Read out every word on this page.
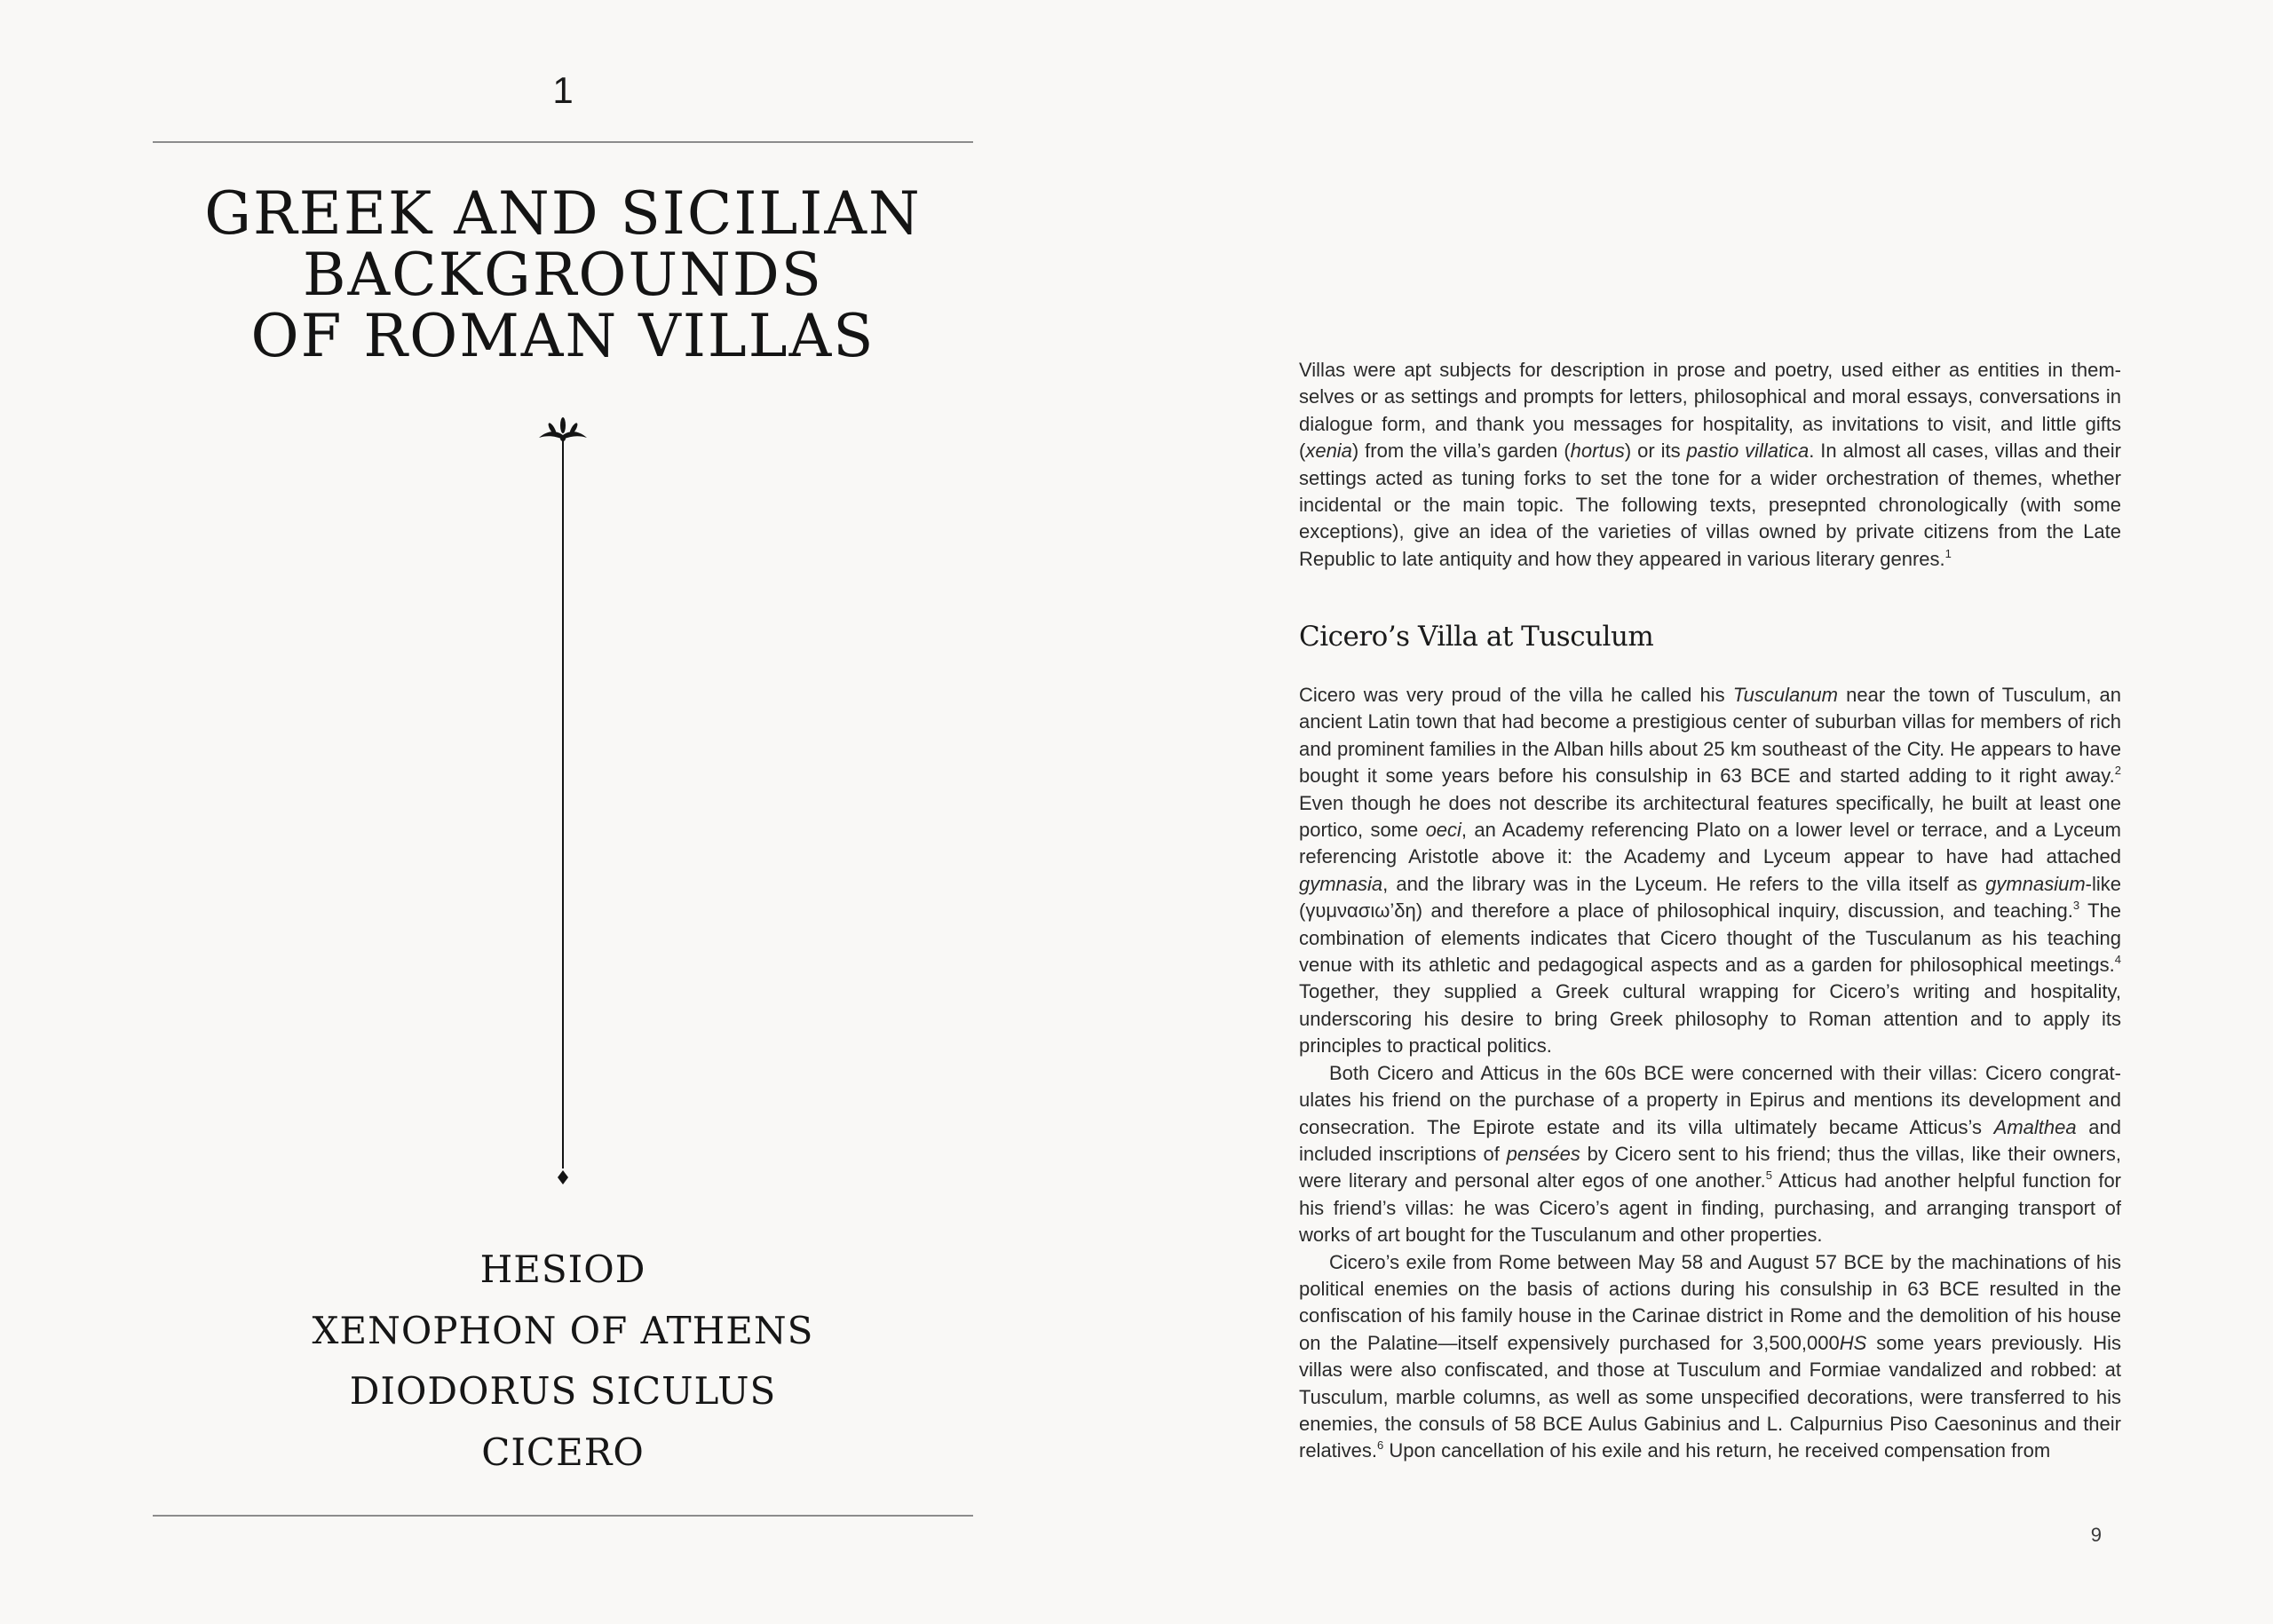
1
GREEK AND SICILIAN
BACKGROUNDS
OF ROMAN VILLAS
HESIOD
XENOPHON OF ATHENS
DIODORUS SICULUS
CICERO

Villas were apt subjects for description in prose and poetry, used either as entities in themselves or as settings and prompts for letters, philosophical and moral essays, conversations in dialogue form, and thank you messages for hospitality, as invitations to visit, and little gifts (xenia) from the villa’s garden (hortus) or its pastio villatica. In almost all cases, villas and their settings acted as tuning forks to set the tone for a wider orchestration of themes, whether incidental or the main topic. The following texts, presepnted chronologically (with some exceptions), give an idea of the varieties of villas owned by private citizens from the Late Republic to late antiquity and how they appeared in various literary genres.$^1$

Cicero’s Villa at Tusculum

Cicero was very proud of the villa he called his Tusculanum near the town of Tusculum, an ancient Latin town that had become a prestigious center of suburban villas for members of rich and prominent families in the Alban hills about 25 km southeast of the City. He appears to have bought it some years before his consulship in 63 BCE and started adding to it right away.$^2$ Even though he does not describe its architectural features specifically, he built at least one portico, some oeci, an Academy referencing Plato on a lower level or terrace, and a Lyceum referencing Aristotle above it: the Academy and Lyceum appear to have had attached gymnasia, and the library was in the Lyceum. He refers to the villa itself as gymnasium-like (γυμνασιω’δη) and therefore a place of philosophical inquiry, discussion, and teaching.$^3$ The combination of elements indicates that Cicero thought of the Tusculanum as his teaching venue with its athletic and pedagogical aspects and as a garden for philosophical meetings.$^4$ Together, they supplied a Greek cultural wrapping for Cicero’s writing and hospitality, underscoring his desire to bring Greek philosophy to Roman attention and to apply its principles to practical politics.

Both Cicero and Atticus in the 60s BCE were concerned with their villas: Cicero congratulates his friend on the purchase of a property in Epirus and mentions its development and consecration. The Epirote estate and its villa ultimately became Atticus’s Amalthea and included inscriptions of pensées by Cicero sent to his friend; thus the villas, like their owners, were literary and personal alter egos of one another.$^5$ Atticus had another helpful function for his friend’s villas: he was Cicero’s agent in finding, purchasing, and arranging transport of works of art bought for the Tusculanum and other properties.

Cicero’s exile from Rome between May 58 and August 57 BCE by the machinations of his political enemies on the basis of actions during his consulship in 63 BCE resulted in the confiscation of his family house in the Carinae district in Rome and the demolition of his house on the Palatine—itself expensively purchased for 3,500,000HS some years previously. His villas were also confiscated, and those at Tusculum and Formiae vandalized and robbed: at Tusculum, marble columns, as well as some unspecified decorations, were transferred to his enemies, the consuls of 58 BCE Aulus Gabinius and L. Calpurnius Piso Caesoninus and their relatives.$^6$ Upon cancellation of his exile and his return, he received compensation from

9
